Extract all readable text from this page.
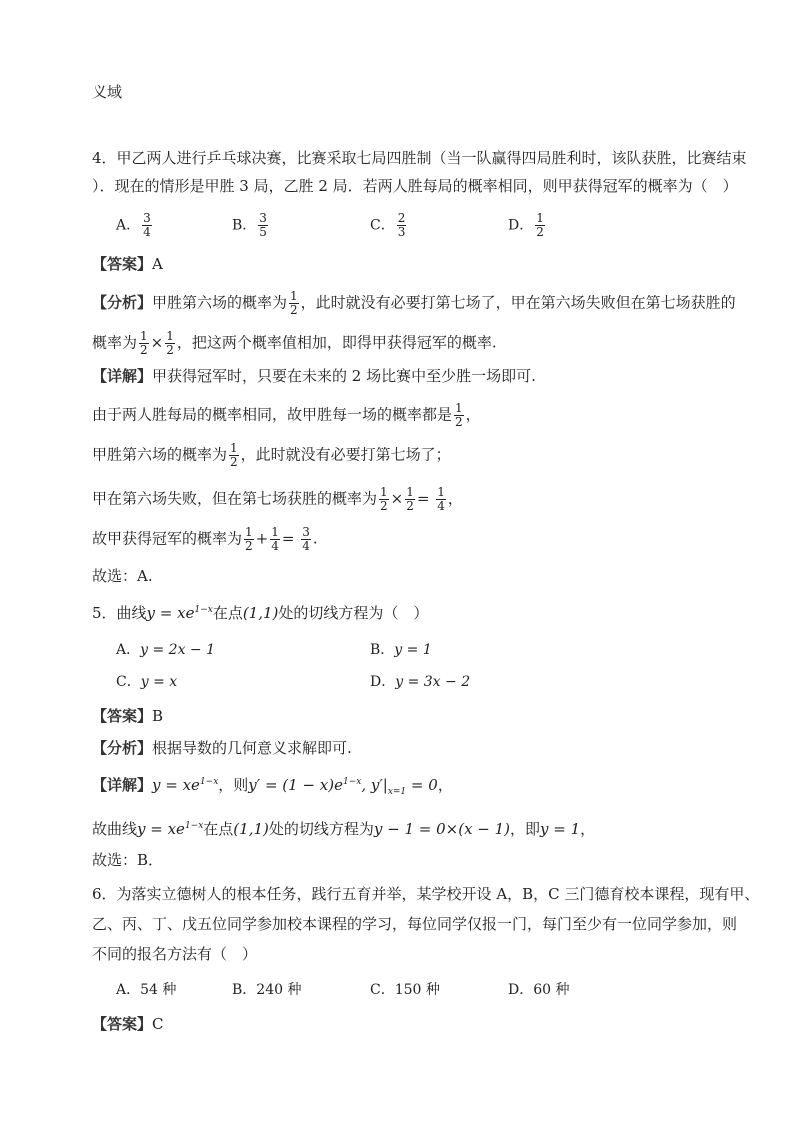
义域
4．甲乙两人进行乒乓球决赛，比赛采取七局四胜制（当一队赢得四局胜利时，该队获胜，比赛结束
）．现在的情形是甲胜 3 局，乙胜 2 局．若两人胜每局的概率相同，则甲获得冠军的概率为（　）
A． $\frac{3}{4}$	B． $\frac{3}{5}$	C． $\frac{2}{3}$	D． $\frac{1}{2}$
【答案】A
【分析】甲胜第六场的概率为 $\frac{1}{2}$ ，此时就没有必要打第七场了，甲在第六场失败但在第七场获胜的
概率为 $\frac{1}{2} \times \frac{1}{2}$ ，把这两个概率值相加，即得甲获得冠军的概率.
【详解】甲获得冠军时，只要在未来的 2 场比赛中至少胜一场即可.
由于两人胜每局的概率相同，故甲胜每一场的概率都是 $\frac{1}{2}$ ，
甲胜第六场的概率为 $\frac{1}{2}$ ，此时就没有必要打第七场了；
甲在第六场失败，但在第七场获胜的概率为 $\frac{1}{2} \times \frac{1}{2} = \frac{1}{4}$ ，
故甲获得冠军的概率为 $\frac{1}{2} + \frac{1}{4} = \frac{3}{4}$ .
故选：A.
5．曲线$y = xe^{1-x}$在点(1,1)处的切线方程为（　）
A．y = 2x − 1	B．y = 1
C．y = x	D．y = 3x − 2
【答案】B
【分析】根据导数的几何意义求解即可.
【详解】$y = xe^{1-x}$，则$y' = (1 - x)e^{1-x}$, $y'|_{x=1} = 0$，
故曲线$y = xe^{1-x}$在点(1,1)处的切线方程为y − 1 = 0×(x − 1)，即y = 1，
故选：B．
6．为落实立德树人的根本任务，践行五育并举，某学校开设 A，B，C 三门德育校本课程，现有甲、
乙、丙、丁、戊五位同学参加校本课程的学习，每位同学仅报一门，每门至少有一位同学参加，则
不同的报名方法有（　）
A．54 种	B．240 种	C．150 种	D．60 种
【答案】C
